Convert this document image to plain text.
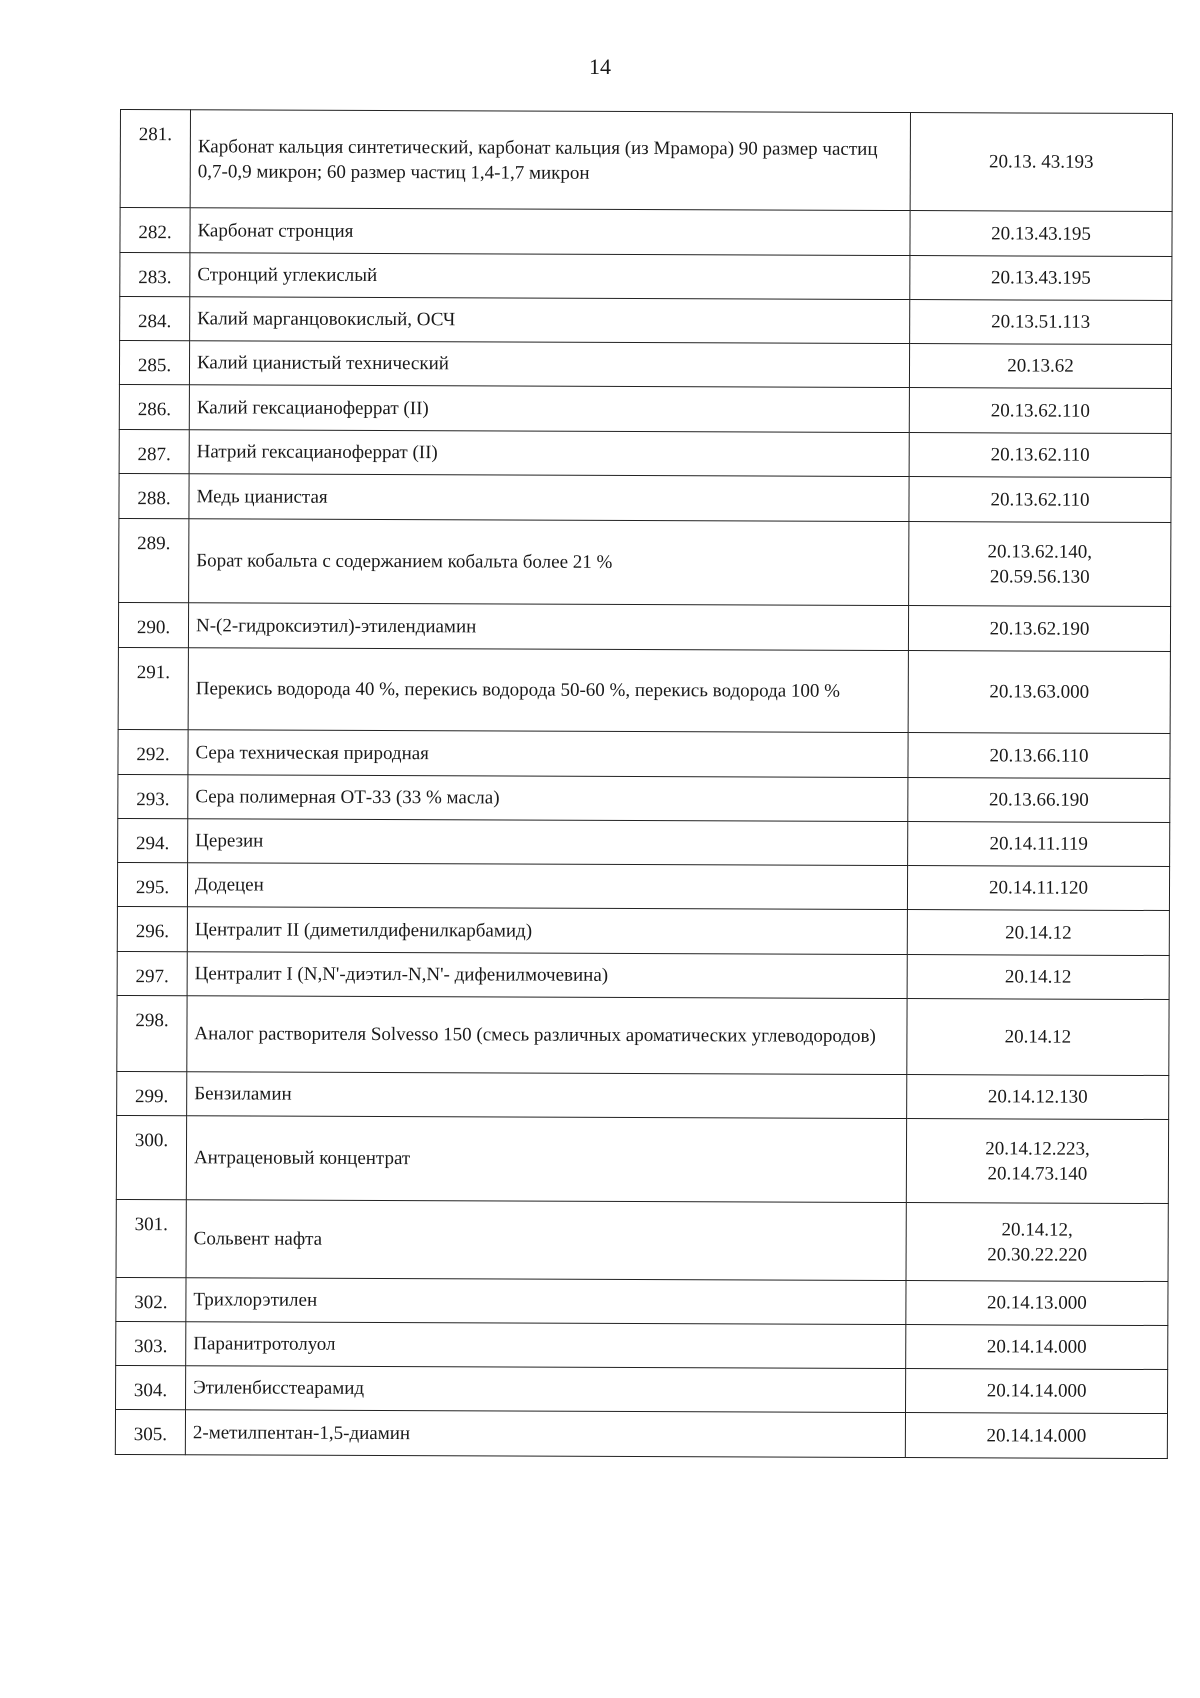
14
281.	Карбонат кальция синтетический, карбонат кальция (из Мрамора) 90 размер частиц 0,7-0,9 микрон; 60 размер частиц 1,4-1,7 микрон	20.13. 43.193

282.	Карбонат стронция	20.13.43.195

283.	Стронций углекислый	20.13.43.195

284.	Калий марганцовокислый, ОСЧ	20.13.51.113

285.	Калий цианистый технический	20.13.62

286.	Калий гексацианоферрат (II)	20.13.62.110

287.	Натрий гексацианоферрат (II)	20.13.62.110

288.	Медь цианистая	20.13.62.110

289.	Борат кобальта с содержанием кобальта более 21 %	20.13.62.140,
20.59.56.130

290.	N-(2-гидроксиэтил)-этилендиамин	20.13.62.190

291.	Перекись водорода 40 %, перекись водорода 50-60 %, перекись водорода 100 %	20.13.63.000

292.	Сера техническая природная	20.13.66.110

293.	Сера полимерная ОТ-33 (33 % масла)	20.13.66.190

294.	Церезин	20.14.11.119

295.	Додецен	20.14.11.120

296.	Централит II (диметилдифенилкарбамид)	20.14.12

297.	Централит I (N,N'-диэтил-N,N'- дифенилмочевина)	20.14.12

298.	Аналог растворителя Solvesso 150 (смесь различных ароматических углеводородов)	20.14.12

299.	Бензиламин	20.14.12.130

300.	Антраценовый концентрат	20.14.12.223,
20.14.73.140

301.	Сольвент нафта	20.14.12,
20.30.22.220

302.	Трихлорэтилен	20.14.13.000

303.	Паранитротолуол	20.14.14.000

304.	Этиленбисстеарамид	20.14.14.000

305.	2-метилпентан-1,5-диамин	20.14.14.000
